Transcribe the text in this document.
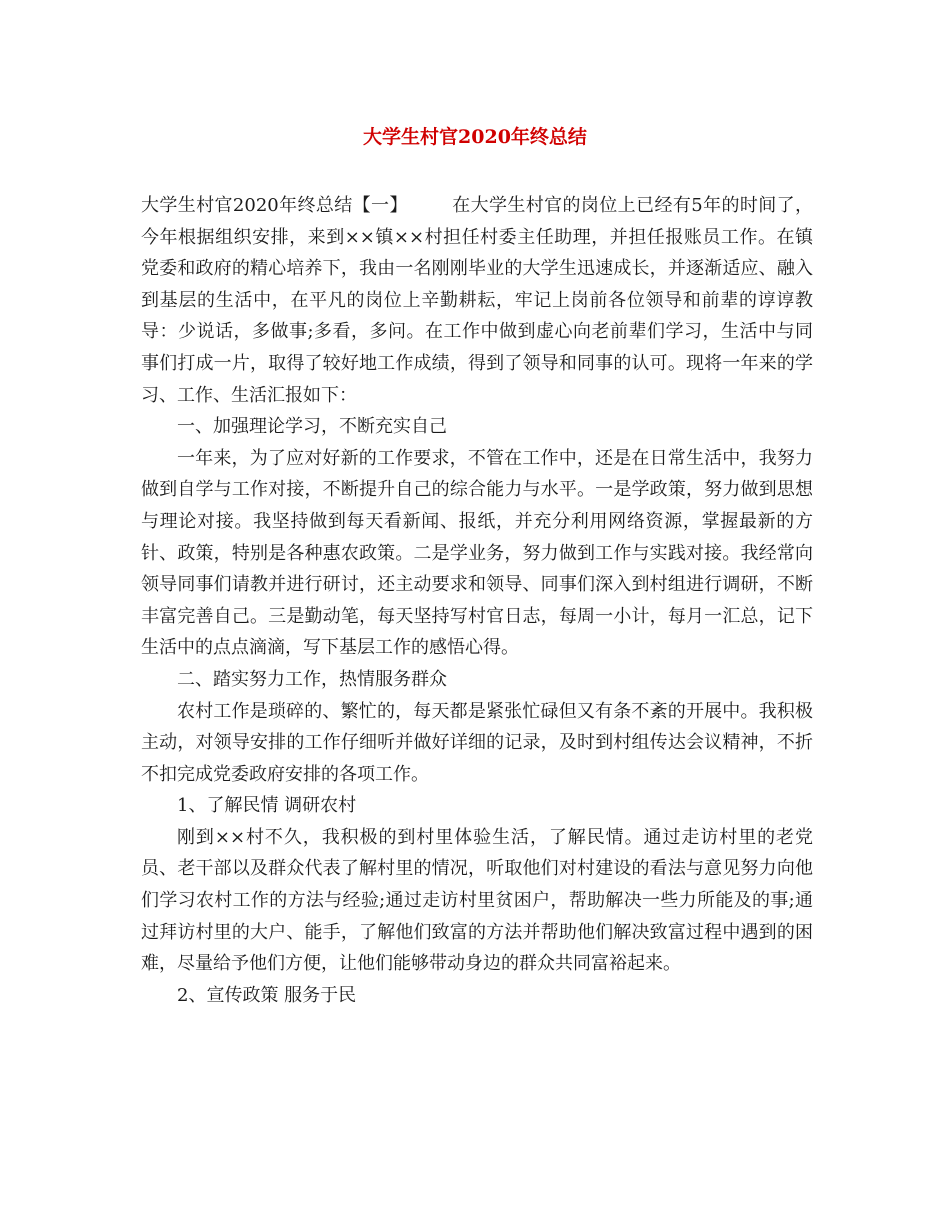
大学生村官2020年终总结

大学生村官2020年终总结【一】 在大学生村官的岗位上已经有5年的时间了，今年根据组织安排，来到××镇××村担任村委主任助理，并担任报账员工作。在镇党委和政府的精心培养下，我由一名刚刚毕业的大学生迅速成长，并逐渐适应、融入到基层的生活中，在平凡的岗位上辛勤耕耘，牢记上岗前各位领导和前辈的谆谆教导：少说话，多做事;多看，多问。在工作中做到虚心向老前辈们学习，生活中与同事们打成一片，取得了较好地工作成绩，得到了领导和同事的认可。现将一年来的学习、工作、生活汇报如下：

一、加强理论学习，不断充实自己

一年来，为了应对好新的工作要求，不管在工作中，还是在日常生活中，我努力做到自学与工作对接，不断提升自己的综合能力与水平。一是学政策，努力做到思想与理论对接。我坚持做到每天看新闻、报纸，并充分利用网络资源，掌握最新的方针、政策，特别是各种惠农政策。二是学业务，努力做到工作与实践对接。我经常向领导同事们请教并进行研讨，还主动要求和领导、同事们深入到村组进行调研，不断丰富完善自己。三是勤动笔，每天坚持写村官日志，每周一小计，每月一汇总，记下生活中的点点滴滴，写下基层工作的感悟心得。

二、踏实努力工作，热情服务群众

农村工作是琐碎的、繁忙的，每天都是紧张忙碌但又有条不紊的开展中。我积极主动，对领导安排的工作仔细听并做好详细的记录，及时到村组传达会议精神，不折不扣完成党委政府安排的各项工作。

1、了解民情 调研农村

刚到××村不久，我积极的到村里体验生活，了解民情。通过走访村里的老党员、老干部以及群众代表了解村里的情况，听取他们对村建设的看法与意见努力向他们学习农村工作的方法与经验;通过走访村里贫困户，帮助解决一些力所能及的事;通过拜访村里的大户、能手，了解他们致富的方法并帮助他们解决致富过程中遇到的困难，尽量给予他们方便，让他们能够带动身边的群众共同富裕起来。

2、宣传政策 服务于民
